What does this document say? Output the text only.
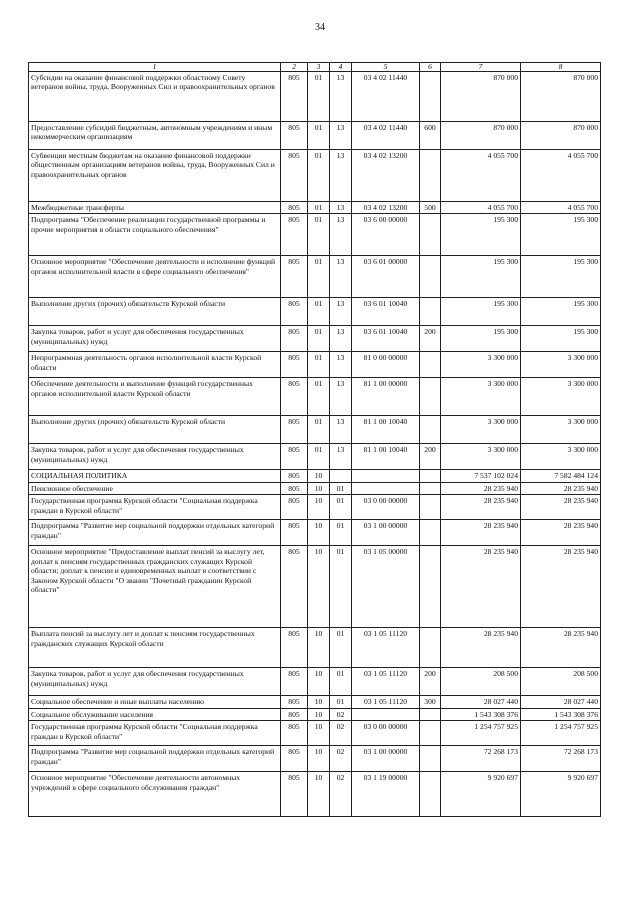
34
1	2	3	4	5	6	7	8
Субсидии на оказание финансовой поддержки областному Совету ветеранов войны, труда, Вооруженных Сил и правоохранительных органов	805	01	13	03 4 02 11440		870 000	870 000
Предоставление субсидий бюджетным, автономным учреждениям и иным некоммерческим организациям	805	01	13	03 4 02 11440	600	870 000	870 000
Субвенции местным бюджетам на оказание финансовой поддержки общественным организациям ветеранов войны, труда, Вооруженных Сил и правоохранительных органов	805	01	13	03 4 02 13200		4 055 700	4 055 700
Межбюджетные трансферты	805	01	13	03 4 02 13200	500	4 055 700	4 055 700
Подпрограмма "Обеспечение реализации государственной программы и прочие мероприятия в области социального обеспечения"	805	01	13	03 6 00 00000		195 300	195 300
Основное мероприятие "Обеспечение деятельности и исполнение функций органов исполнительной власти в сфере социального обеспечения"	805	01	13	03 6 01 00000		195 300	195 300
Выполнение других (прочих) обязательств Курской области	805	01	13	03 6 01 10040		195 300	195 300
Закупка товаров, работ и услуг для обеспечения государственных (муниципальных) нужд	805	01	13	03 6 01 10040	200	195 300	195 300
Непрограммная деятельность органов исполнительной власти Курской области	805	01	13	81 0 00 00000		3 300 000	3 300 000
Обеспечение деятельности и выполнение функций государственных органов исполнительной власти Курской области	805	01	13	81 1 00 00000		3 300 000	3 300 000
Выполнение других (прочих) обязательств Курской области	805	01	13	81 1 00 10040		3 300 000	3 300 000
Закупка товаров, работ и услуг для обеспечения государственных (муниципальных) нужд	805	01	13	81 1 00 10040	200	3 300 000	3 300 000
СОЦИАЛЬНАЯ ПОЛИТИКА	805	10				7 537 102 024	7 582 484 124
Пенсионное обеспечение	805	10	01			28 235 940	28 235 940
Государственная программа Курской области "Социальная поддержка граждан в Курской области"	805	10	01	03 0 00 00000		28 235 940	28 235 940
Подпрограмма "Развитие мер социальной поддержки отдельных категорий граждан"	805	10	01	03 1 00 00000		28 235 940	28 235 940
Основное мероприятие "Предоставление выплат пенсий за выслугу лет, доплат к пенсиям государственных гражданских служащих Курской области; доплат к пенсии и единовременных выплат в соответствии с Законом Курской области "О звании "Почетный гражданин Курской области"	805	10	01	03 1 05 00000		28 235 940	28 235 940
Выплата пенсий за выслугу лет и доплат к пенсиям государственных гражданских служащих Курской области	805	10	01	03 1 05 11120		28 235 940	28 235 940
Закупка товаров, работ и услуг для обеспечения государственных (муниципальных) нужд	805	10	01	03 1 05 11120	200	208 500	208 500
Социальное обеспечение и иные выплаты населению	805	10	01	03 1 05 11120	300	28 027 440	28 027 440
Социальное обслуживание населения	805	10	02			1 543 308 376	1 543 308 376
Государственная программа Курской области "Социальная поддержка граждан в Курской области"	805	10	02	03 0 00 00000		1 254 757 925	1 254 757 925
Подпрограмма "Развитие мер социальной поддержки отдельных категорий граждан"	805	10	02	03 1 00 00000		72 268 173	72 268 173
Основное мероприятие "Обеспечение деятельности автономных учреждений в сфере социального обслуживания граждан"	805	10	02	03 1 19 00000		9 920 697	9 920 697
